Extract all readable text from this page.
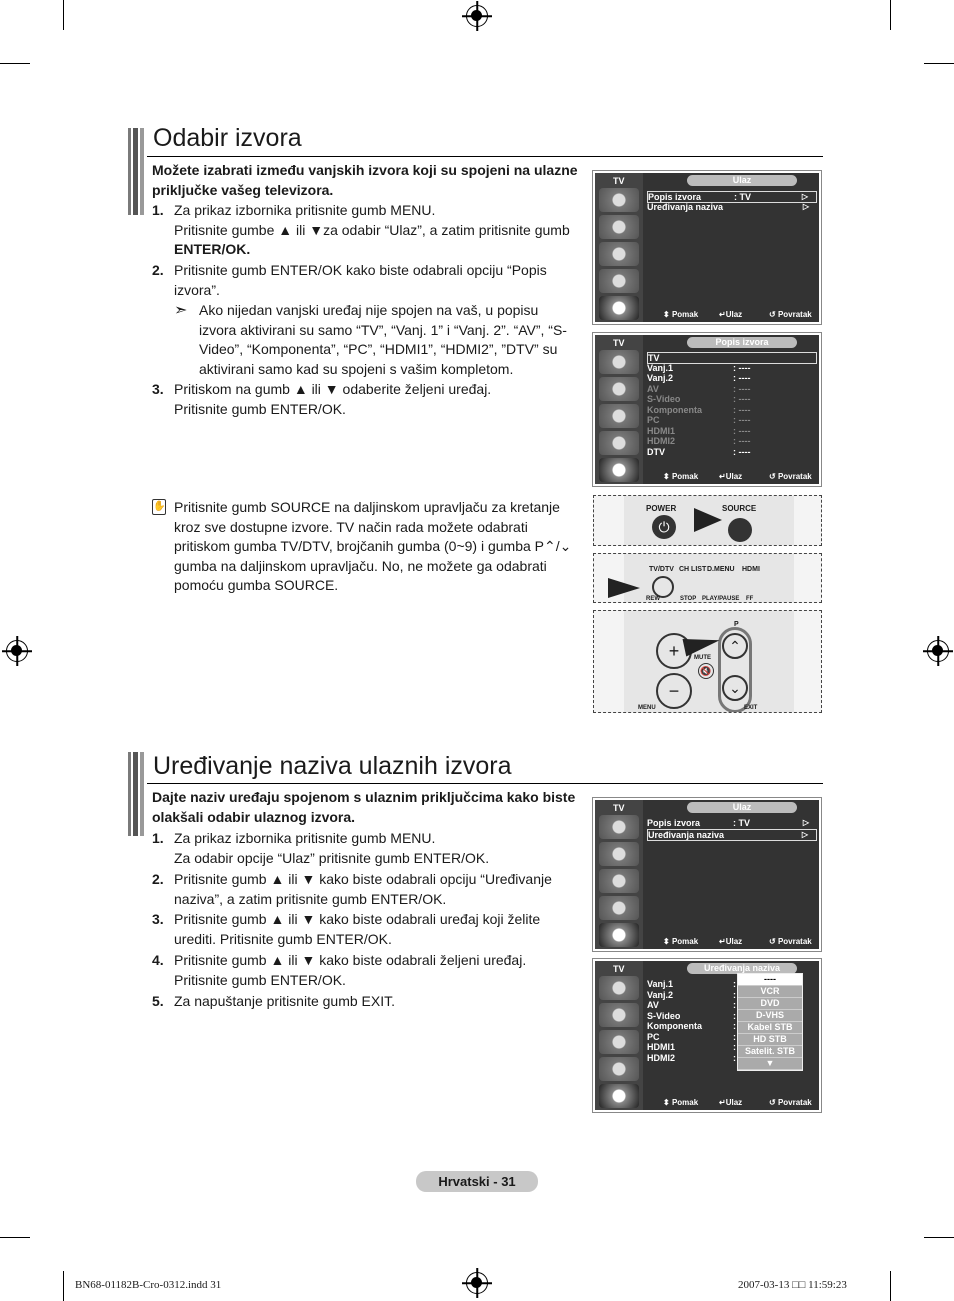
Odabir izvora
Možete izabrati između vanjskih izvora koji su spojeni na ulazne priključke vašeg televizora.
1. Za prikaz izbornika pritisnite gumb MENU.
Pritisnite gumbe ▲ ili ▼za odabir “Ulaz”, a zatim pritisnite gumb
ENTER/OK.
2. Pritisnite gumb ENTER/OK kako biste odabrali opciju “Popis
izvora”.
➣ Ako nijedan vanjski uređaj nije spojen na vaš, u popisu
izvora aktivirani su samo “TV”, “Vanj. 1” i “Vanj. 2”. “AV”, “S-
Video”, “Komponenta”, “PC”, “HDMI1”, “HDMI2”, ”DTV” su
aktivirani samo kad su spojeni s vašim kompletom.
3. Pritiskom na gumb ▲ ili ▼ odaberite željeni uređaj.
Pritisnite gumb ENTER/OK.
✋ Pritisnite gumb SOURCE na daljinskom upravljaču za kretanje
kroz sve dostupne izvore. TV način rada možete odabrati
pritiskom gumba TV/DTV, brojčanih gumba (0~9) i gumba P⌃/⌄
gumba na daljinskom upravljaču. No, ne možete ga odabrati
pomoću gumba SOURCE.
TV	Ulaz
Popis izvora	: TV	▷
Uređivanja naziva	▷
⬍ Pomak	↵Ulaz	↺ Povratak
TV	Popis izvora
TV
Vanj.1	: ----
Vanj.2	: ----
AV	: ----
S-Video	: ----
Komponenta	: ----
PC	: ----
HDMI1	: ----
HDMI2	: ----
DTV	: ----
⬍ Pomak	↵Ulaz	↺ Povratak
POWER
⏻
SOURCE
TV/DTV CH LIST D.MENU HDMI
REW	STOP PLAY/PAUSE FF
+
−
MUTE
🔇
P
⌃
⌄
MENU	EXIT
Uređivanje naziva ulaznih izvora
Dajte naziv uređaju spojenom s ulaznim priključcima kako biste olakšali odabir ulaznog izvora.
1. Za prikaz izbornika pritisnite gumb MENU.
Za odabir opcije “Ulaz” pritisnite gumb ENTER/OK.
2. Pritisnite gumb ▲ ili ▼ kako biste odabrali opciju “Uređivanje
naziva”, a zatim pritisnite gumb ENTER/OK.
3. Pritisnite gumb ▲ ili ▼ kako biste odabrali uređaj koji želite
urediti. Pritisnite gumb ENTER/OK.
4. Pritisnite gumb ▲ ili ▼ kako biste odabrali željeni uređaj.
Pritisnite gumb ENTER/OK.
5. Za napuštanje pritisnite gumb EXIT.
TV	Ulaz
Popis izvora	: TV	▷
Uređivanja naziva	▷
⬍ Pomak	↵Ulaz	↺ Povratak
TV	Uređivanja naziva
Vanj.1	:
Vanj.2	:
AV	:
S-Video	:
Komponenta	:
PC	:
HDMI1	:
HDMI2	:
----
VCR
DVD
D-VHS
Kabel STB
HD STB
Satelit. STB
▼
⬍ Pomak	↵Ulaz	↺ Povratak
Hrvatski - 31
BN68-01182B-Cro-0312.indd 31	2007-03-13 □□ 11:59:23
